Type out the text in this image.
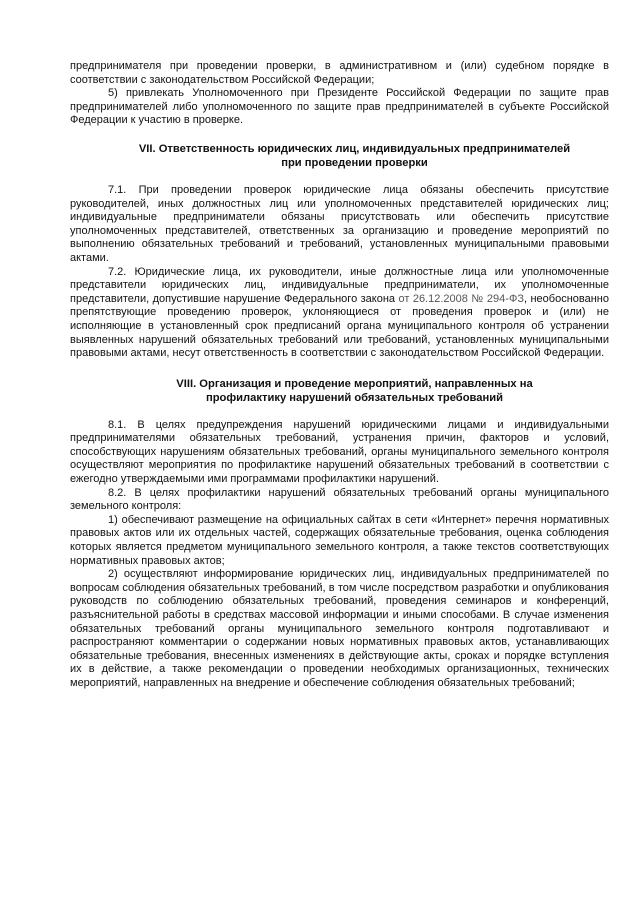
предпринимателя при проведении проверки, в административном и (или) судебном порядке в соответствии с законодательством Российской Федерации;

5) привлекать Уполномоченного при Президенте Российской Федерации по защите прав предпринимателей либо уполномоченного по защите прав предпринимателей в субъекте Российской Федерации к участию в проверке.

VII. Ответственность юридических лиц, индивидуальных предпринимателей
при проведении проверки

7.1. При проведении проверок юридические лица обязаны обеспечить присутствие руководителей, иных должностных лиц или уполномоченных представителей юридических лиц; индивидуальные предприниматели обязаны присутствовать или обеспечить присутствие уполномоченных представителей, ответственных за организацию и проведение мероприятий по выполнению обязательных требований и требований, установленных муниципальными правовыми актами.

7.2. Юридические лица, их руководители, иные должностные лица или уполномоченные представители юридических лиц, индивидуальные предприниматели, их уполномоченные представители, допустившие нарушение Федерального закона от 26.12.2008 № 294-ФЗ, необоснованно препятствующие проведению проверок, уклоняющиеся от проведения проверок и (или) не исполняющие в установленный срок предписаний органа муниципального контроля об устранении выявленных нарушений обязательных требований или требований, установленных муниципальными правовыми актами, несут ответственность в соответствии с законодательством Российской Федерации.

VIII. Организация и проведение мероприятий, направленных на
профилактику нарушений обязательных требований

8.1. В целях предупреждения нарушений юридическими лицами и индивидуальными предпринимателями обязательных требований, устранения причин, факторов и условий, способствующих нарушениям обязательных требований, органы муниципального земельного контроля осуществляют мероприятия по профилактике нарушений обязательных требований в соответствии с ежегодно утверждаемыми ими программами профилактики нарушений.

8.2. В целях профилактики нарушений обязательных требований органы муниципального земельного контроля:

1) обеспечивают размещение на официальных сайтах в сети «Интернет» перечня нормативных правовых актов или их отдельных частей, содержащих обязательные требования, оценка соблюдения которых является предметом муниципального земельного контроля, а также текстов соответствующих нормативных правовых актов;

2) осуществляют информирование юридических лиц, индивидуальных предпринимателей по вопросам соблюдения обязательных требований, в том числе посредством разработки и опубликования руководств по соблюдению обязательных требований, проведения семинаров и конференций, разъяснительной работы в средствах массовой информации и иными способами. В случае изменения обязательных требований органы муниципального земельного контроля подготавливают и распространяют комментарии о содержании новых нормативных правовых актов, устанавливающих обязательные требования, внесенных изменениях в действующие акты, сроках и порядке вступления их в действие, а также рекомендации о проведении необходимых организационных, технических мероприятий, направленных на внедрение и обеспечение соблюдения обязательных требований;
